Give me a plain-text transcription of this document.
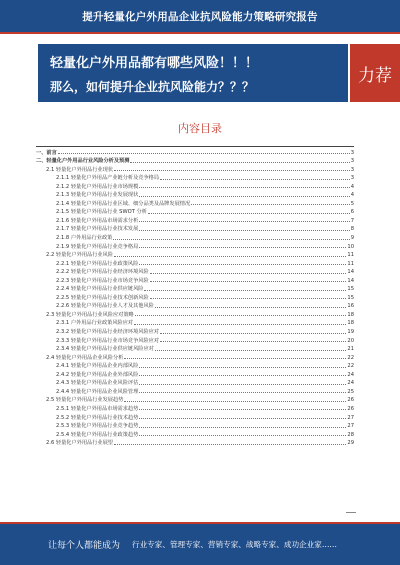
提升轻量化户外用品企业抗风险能力策略研究报告
轻量化户外用品都有哪些风险！！！
那么，如何提升企业抗风险能力？？？
力荐
内容目录
一、前言	3
二、轻量化户外用品行业风险分析及预测	3
2.1 轻量化户外用品行业现状	3
2.1.1 轻量化户外用品产业链分析及竞争格局	3
2.1.2 轻量化户外用品行业市场规模	4
2.1.3 轻量化户外用品行业发展现状	4
2.1.4 轻量化户外用品行业区域、细分品类及品牌发展情况	5
2.1.5 轻量化户外用品行业 SWOT 分析	6
2.1.6 轻量化户外用品市场需求分析	7
2.1.7 轻量化户外用品行业技术发展	8
2.1.8 户外用品行业政策	9
2.1.9 轻量化户外用品行业竞争格局	10
2.2 轻量化户外用品行业风险	11
2.2.1 轻量化户外用品行业政策风险	11
2.2.2 轻量化户外用品行业经济环境风险	14
2.2.3 轻量化户外用品行业市场竞争风险	14
2.2.4 轻量化户外用品行业供应链风险	15
2.2.5 轻量化户外用品行业技术创新风险	15
2.2.6 轻量化户外用品行业人才及其他风险	16
2.3 轻量化户外用品行业风险应对策略	18
2.3.1 户外用品行业政策风险应对	18
2.3.2 轻量化户外用品行业经济环境风险应对	19
2.3.3 轻量化户外用品行业市场竞争风险应对	20
2.3.4 轻量化户外用品行业供应链风险应对	21
2.4 轻量化户外用品企业风险分析	22
2.4.1 轻量化户外用品企业内部风险	22
2.4.2 轻量化户外用品企业外部风险	24
2.4.3 轻量化户外用品企业风险评估	24
2.4.4 轻量化户外用品企业风险管理	25
2.5 轻量化户外用品行业发展趋势	26
2.5.1 轻量化户外用品市场需求趋势	26
2.5.2 轻量化户外用品行业技术趋势	27
2.5.3 轻量化户外用品行业竞争趋势	27
2.5.4 轻量化户外用品行业政策趋势	28
2.6 轻量化户外用品行业展望	29
让每个人都能成为 行业专家、管理专家、营销专家、战略专家、成功企业家……
